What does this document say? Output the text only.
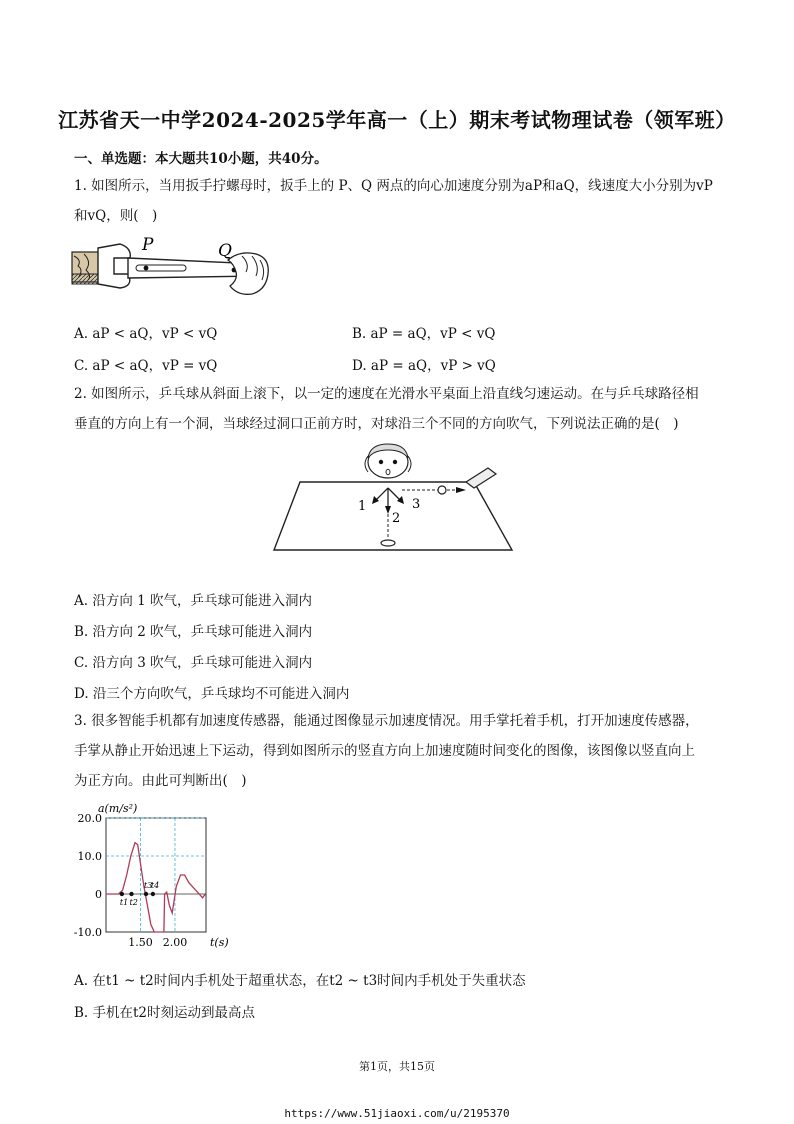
江苏省天一中学2024-2025学年高一（上）期末考试物理试卷（领军班）
一、单选题：本大题共10小题，共40分。
1. 如图所示，当用扳手拧螺母时，扳手上的 P、Q 两点的向心加速度分别为aP和aQ，线速度大小分别为vP
和vQ，则(　)
P	Q
A. aP < aQ，vP < vQ	B. aP = aQ，vP < vQ
C. aP < aQ，vP = vQ	D. aP = aQ，vP > vQ
2. 如图所示，乒乓球从斜面上滚下，以一定的速度在光滑水平桌面上沿直线匀速运动。在与乒乓球路径相
垂直的方向上有一个洞，当球经过洞口正前方时，对球沿三个不同的方向吹气，下列说法正确的是(　)
1
2
3
A. 沿方向 1 吹气，乒乓球可能进入洞内
B. 沿方向 2 吹气，乒乓球可能进入洞内
C. 沿方向 3 吹气，乒乓球可能进入洞内
D. 沿三个方向吹气，乒乓球均不可能进入洞内
3. 很多智能手机都有加速度传感器，能通过图像显示加速度情况。用手掌托着手机，打开加速度传感器，
手掌从静止开始迅速上下运动，得到如图所示的竖直方向上加速度随时间变化的图像，该图像以竖直向上
为正方向。由此可判断出(　)
20.0
10.0
0
-10.0
1.50 2.00
a(m/s²)
t(s)
t1 t2
t3
t4
A. 在t1 ~ t2时间内手机处于超重状态，在t2 ~ t3时间内手机处于失重状态
B. 手机在t2时刻运动到最高点
第1页，共15页
https://www.51jiaoxi.com/u/2195370
